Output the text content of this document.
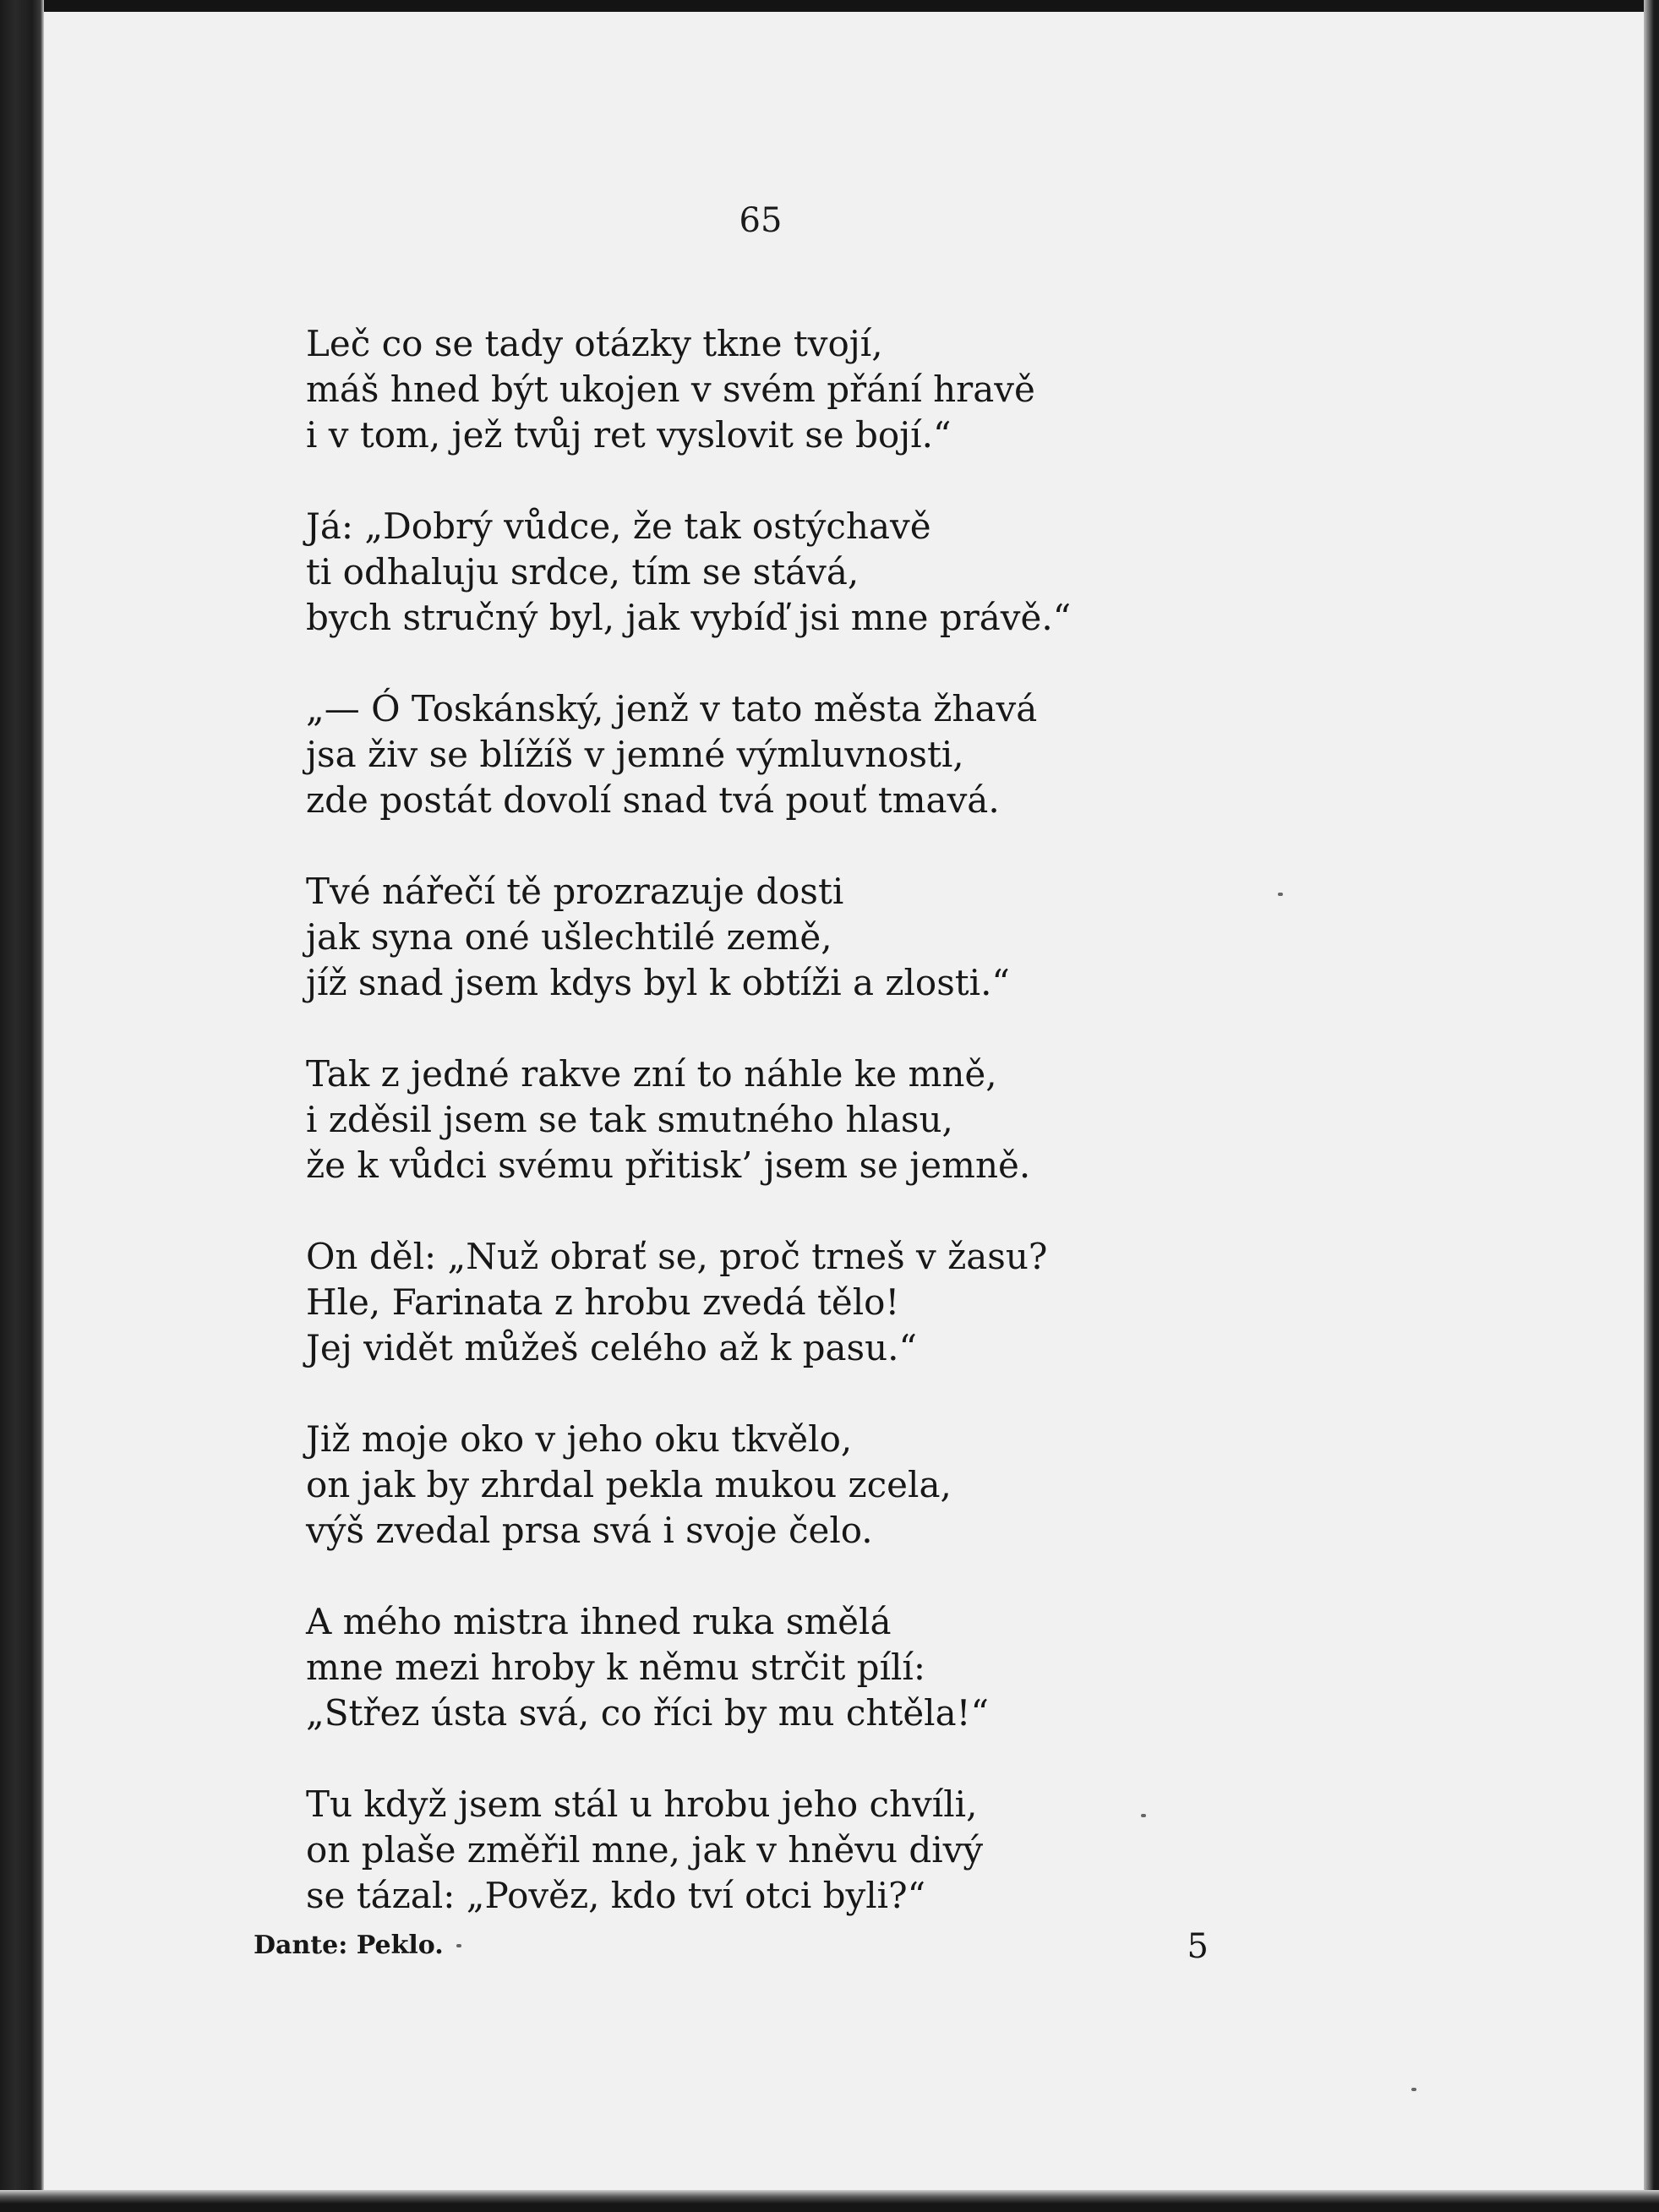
65
Leč co se tady otázky tkne tvojí,
máš hned být ukojen v svém přání hravě
i v tom, jež tvůj ret vyslovit se bojí.“
Já: „Dobrý vůdce, že tak ostýchavě
ti odhaluju srdce, tím se stává,
bych stručný byl, jak vybíď jsi mne právě.“
„— Ó Toskánský, jenž v tato města žhavá
jsa živ se blížíš v jemné výmluvnosti,
zde postát dovolí snad tvá pouť tmavá.
Tvé nářečí tě prozrazuje dosti
jak syna oné ušlechtilé země,
jíž snad jsem kdys byl k obtíži a zlosti.“
Tak z jedné rakve zní to náhle ke mně,
i zděsil jsem se tak smutného hlasu,
že k vůdci svému přitisk’ jsem se jemně.
On děl: „Nuž obrať se, proč trneš v žasu?
Hle, Farinata z hrobu zvedá tělo!
Jej vidět můžeš celého až k pasu.“
Již moje oko v jeho oku tkvělo,
on jak by zhrdal pekla mukou zcela,
výš zvedal prsa svá i svoje čelo.
A mého mistra ihned ruka smělá
mne mezi hroby k němu strčit pílí:
„Střez ústa svá, co říci by mu chtěla!“
Tu když jsem stál u hrobu jeho chvíli,
on plaše změřil mne, jak v hněvu divý
se tázal: „Pověz, kdo tví otci byli?“
Dante: Peklo.	5
